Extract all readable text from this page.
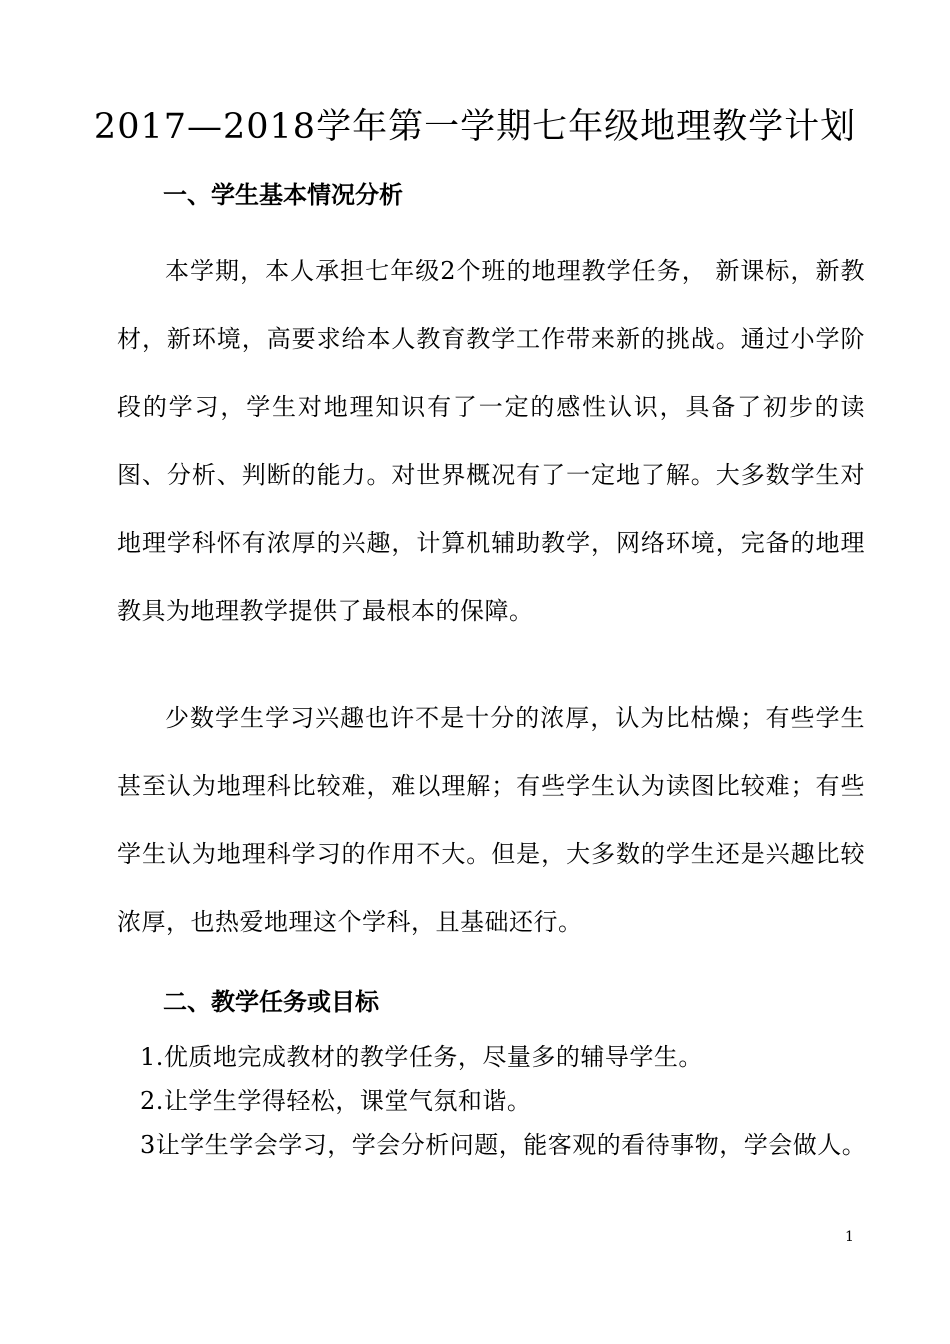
2017—2018学年第一学期七年级地理教学计划
一、学生基本情况分析

本学期，本人承担七年级2个班的地理教学任务， 新课标，新教材，新环境，高要求给本人教育教学工作带来新的挑战。通过小学阶段的学习，学生对地理知识有了一定的感性认识，具备了初步的读图、分析、判断的能力。对世界概况有了一定地了解。大多数学生对地理学科怀有浓厚的兴趣，计算机辅助教学，网络环境，完备的地理教具为地理教学提供了最根本的保障。

少数学生学习兴趣也许不是十分的浓厚，认为比枯燥；有些学生甚至认为地理科比较难，难以理解；有些学生认为读图比较难；有些学生认为地理科学习的作用不大。但是，大多数的学生还是兴趣比较浓厚，也热爱地理这个学科，且基础还行。

二、教学任务或目标
1.优质地完成教材的教学任务，尽量多的辅导学生。
2.让学生学得轻松，课堂气氛和谐。
3让学生学会学习，学会分析问题，能客观的看待事物，学会做人。
1
